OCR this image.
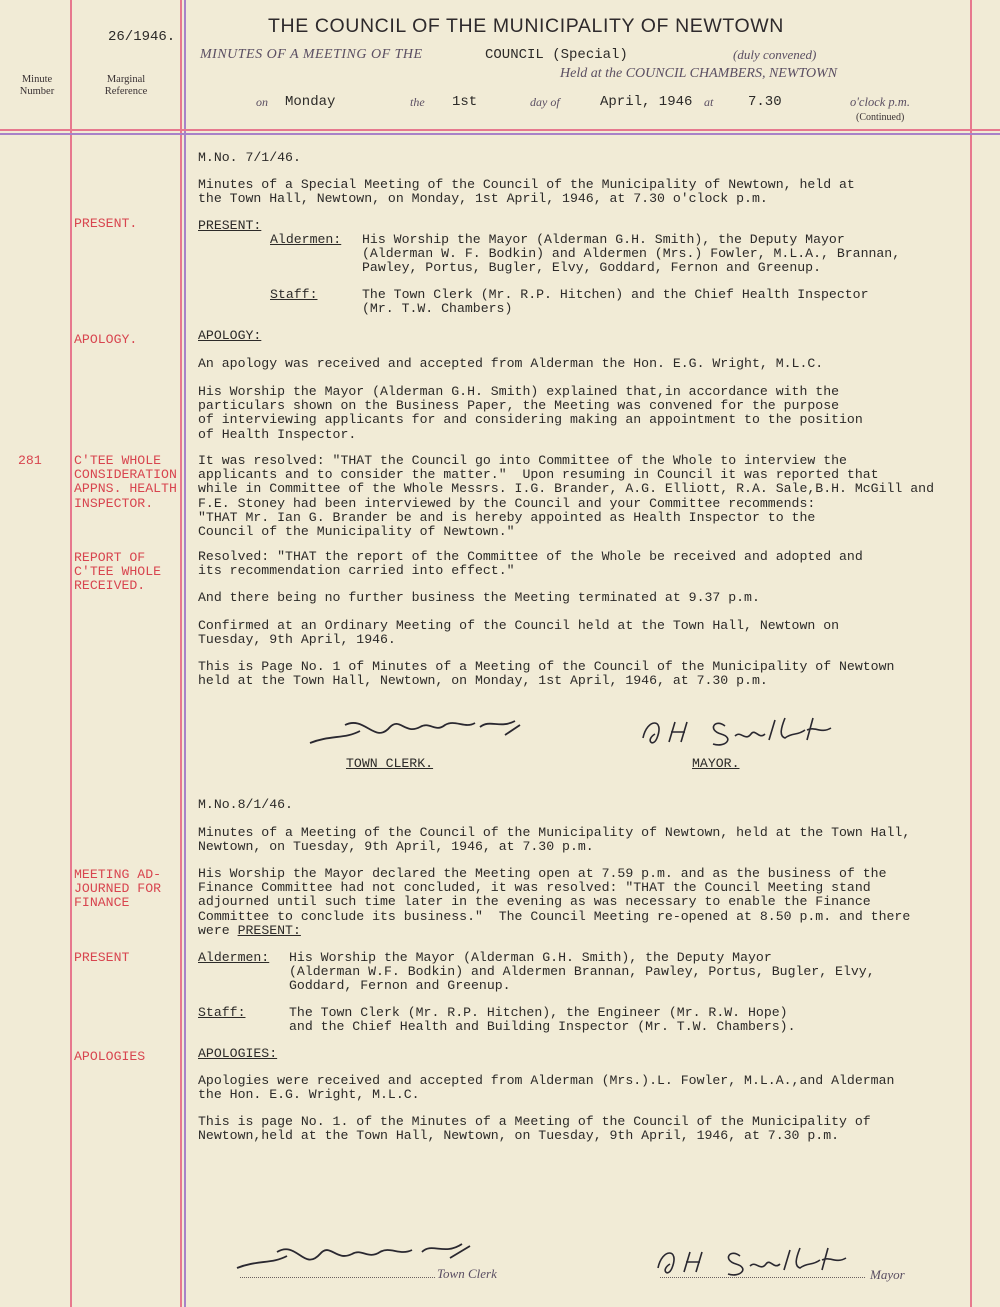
26/1946.
Minute
Number
Marginal
Reference
THE COUNCIL OF THE MUNICIPALITY OF NEWTOWN
MINUTES OF A MEETING OF THE	COUNCIL (Special)	(duly convened)
Held at the COUNCIL CHAMBERS, NEWTOWN
on Monday	the 1st	day of	April, 1946 at 7.30	o'clock p.m.
(Continued)
PRESENT.
APOLOGY.
281 C'TEE WHOLE
CONSIDERATION
APPNS. HEALTH
INSPECTOR.
REPORT OF
C'TEE WHOLE
RECEIVED.
MEETING AD-
JOURNED FOR
FINANCE
PRESENT
APOLOGIES
M.No. 7/1/46.
Minutes of a Special Meeting of the Council of the Municipality of Newtown, held at
the Town Hall, Newtown, on Monday, 1st April, 1946, at 7.30 o'clock p.m.
PRESENT:
Aldermen: His Worship the Mayor (Alderman G.H. Smith), the Deputy Mayor
(Alderman W. F. Bodkin) and Aldermen (Mrs.) Fowler, M.L.A., Brannan,
Pawley, Portus, Bugler, Elvy, Goddard, Fernon and Greenup.
Staff:	The Town Clerk (Mr. R.P. Hitchen) and the Chief Health Inspector
(Mr. T.W. Chambers)
APOLOGY:
An apology was received and accepted from Alderman the Hon. E.G. Wright, M.L.C.
His Worship the Mayor (Alderman G.H. Smith) explained that,in accordance with the
particulars shown on the Business Paper, the Meeting was convened for the purpose
of interviewing applicants for and considering making an appointment to the position
of Health Inspector.
It was resolved: "THAT the Council go into Committee of the Whole to interview the
applicants and to consider the matter."  Upon resuming in Council it was reported that
while in Committee of the Whole Messrs. I.G. Brander, A.G. Elliott, R.A. Sale,B.H. McGill and
F.E. Stoney had been interviewed by the Council and your Committee recommends:
"THAT Mr. Ian G. Brander be and is hereby appointed as Health Inspector to the
Council of the Municipality of Newtown."
Resolved: "THAT the report of the Committee of the Whole be received and adopted and
its recommendation carried into effect."
And there being no further business the Meeting terminated at 9.37 p.m.
Confirmed at an Ordinary Meeting of the Council held at the Town Hall, Newtown on
Tuesday, 9th April, 1946.
This is Page No. 1 of Minutes of a Meeting of the Council of the Municipality of Newtown
held at the Town Hall, Newtown, on Monday, 1st April, 1946, at 7.30 p.m.
TOWN CLERK.	MAYOR.
M.No.8/1/46.
Minutes of a Meeting of the Council of the Municipality of Newtown, held at the Town Hall,
Newtown, on Tuesday, 9th April, 1946, at 7.30 p.m.
His Worship the Mayor declared the Meeting open at 7.59 p.m. and as the business of the
Finance Committee had not concluded, it was resolved: "THAT the Council Meeting stand
adjourned until such time later in the evening as was necessary to enable the Finance
Committee to conclude its business."  The Council Meeting re-opened at 8.50 p.m. and there
were PRESENT:
Aldermen: His Worship the Mayor (Alderman G.H. Smith), the Deputy Mayor
(Alderman W.F. Bodkin) and Aldermen Brannan, Pawley, Portus, Bugler, Elvy,
Goddard, Fernon and Greenup.
Staff:	The Town Clerk (Mr. R.P. Hitchen), the Engineer (Mr. R.W. Hope)
and the Chief Health and Building Inspector (Mr. T.W. Chambers).
APOLOGIES:
Apologies were received and accepted from Alderman (Mrs.).L. Fowler, M.L.A.,and Alderman
the Hon. E.G. Wright, M.L.C.
This is page No. 1. of the Minutes of a Meeting of the Council of the Municipality of
Newtown,held at the Town Hall, Newtown, on Tuesday, 9th April, 1946, at 7.30 p.m.
Town Clerk	Mayor
